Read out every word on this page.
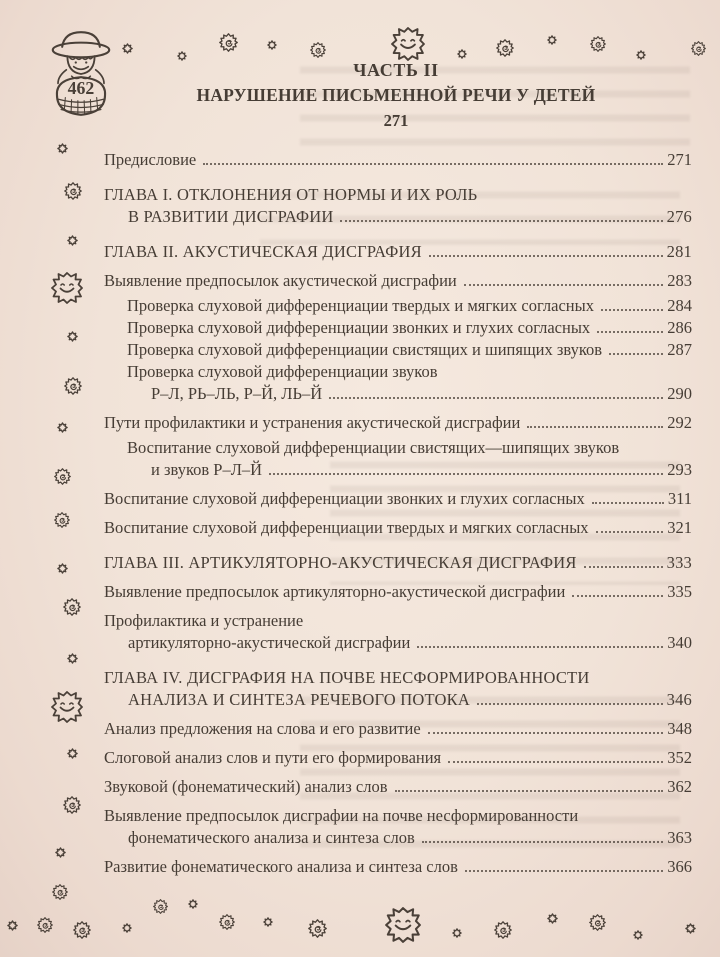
462
ЧАСТЬ II
НАРУШЕНИЕ ПИСЬМЕННОЙ РЕЧИ У ДЕТЕЙ
271
Предисловие	271
ГЛАВА I. ОТКЛОНЕНИЯ ОТ НОРМЫ И ИХ РОЛЬ
В РАЗВИТИИ ДИСГРАФИИ	276
ГЛАВА II. АКУСТИЧЕСКАЯ ДИСГРАФИЯ	281
Выявление предпосылок акустической дисграфии	283
Проверка слуховой дифференциации твердых и мягких согласных	284
Проверка слуховой дифференциации звонких и глухих согласных	286
Проверка слуховой дифференциации свистящих и шипящих звуков	287
Проверка слуховой дифференциации звуков
Р–Л, РЬ–ЛЬ, Р–Й, ЛЬ–Й	290
Пути профилактики и устранения акустической дисграфии	292
Воспитание слуховой дифференциации свистящих—шипящих звуков
и звуков Р–Л–Й	293
Воспитание слуховой дифференциации звонких и глухих согласных	311
Воспитание слуховой дифференциации твердых и мягких согласных	321
ГЛАВА III. АРТИКУЛЯТОРНО-АКУСТИЧЕСКАЯ ДИСГРАФИЯ	333
Выявление предпосылок артикуляторно-акустической дисграфии	335
Профилактика и устранение
артикуляторно-акустической дисграфии	340
ГЛАВА IV. ДИСГРАФИЯ НА ПОЧВЕ НЕСФОРМИРОВАННОСТИ
АНАЛИЗА И СИНТЕЗА РЕЧЕВОГО ПОТОКА	346
Анализ предложения на слова и его развитие	348
Слоговой анализ слов и пути его формирования	352
Звуковой (фонематический) анализ слов	362
Выявление предпосылок дисграфии на почве несформированности
фонематического анализа и синтеза слов	363
Развитие фонематического анализа и синтеза слов	366
